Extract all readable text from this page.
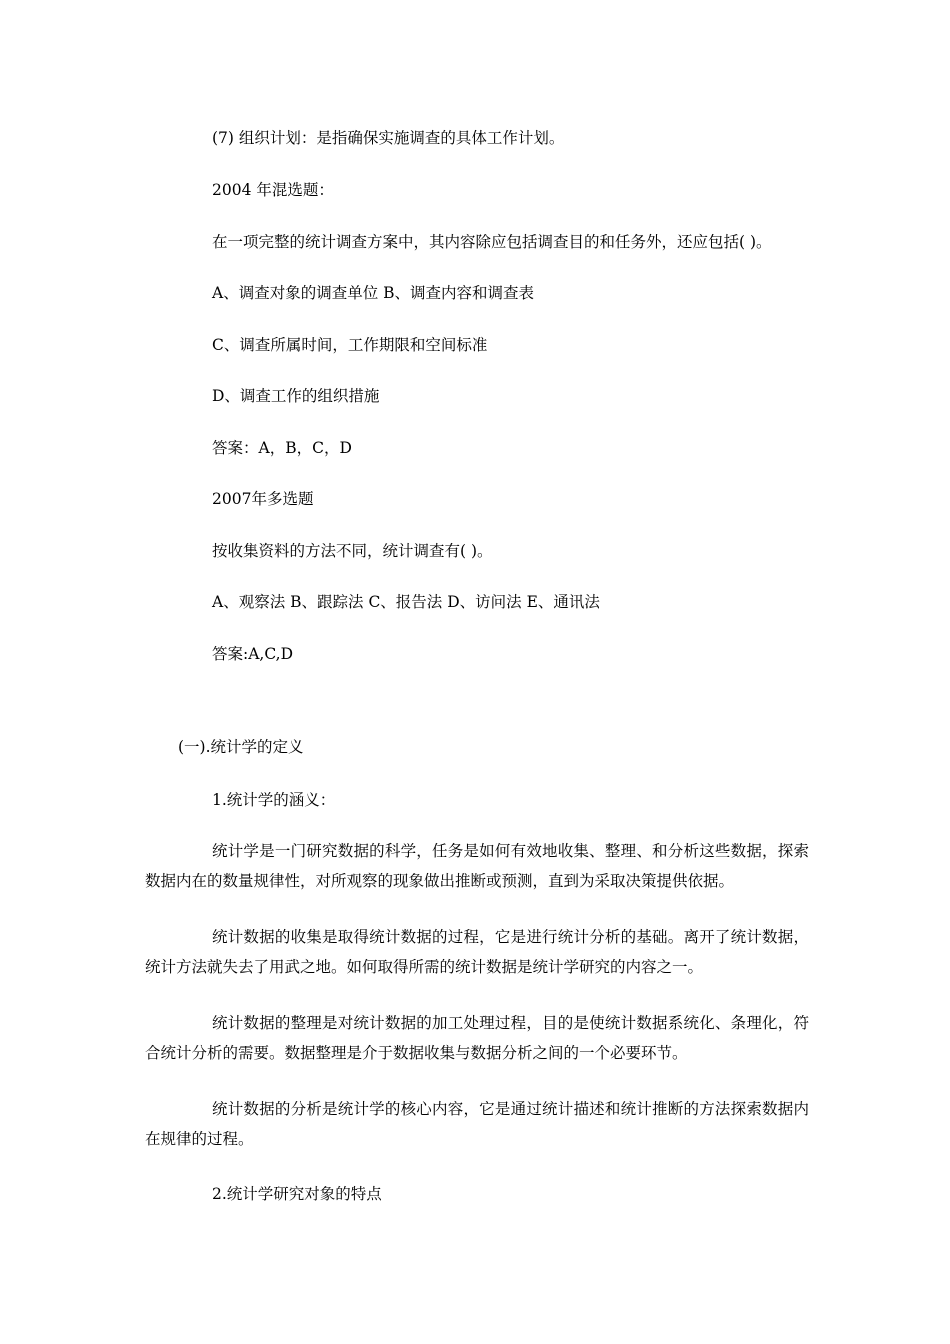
(7) 组织计划：是指确保实施调查的具体工作计划。
2004 年混选题：
在一项完整的统计调查方案中，其内容除应包括调查目的和任务外，还应包括( )。
A、调查对象的调查单位 B、调查内容和调查表
C、调查所属时间，工作期限和空间标准
D、调查工作的组织措施
答案：A，B，C，D
2007年多选题
按收集资料的方法不同，统计调查有( )。
A、观察法 B、跟踪法 C、报告法 D、访问法 E、通讯法
答案:A,C,D
(一).统计学的定义
1.统计学的涵义：
统计学是一门研究数据的科学，任务是如何有效地收集、整理、和分析这些数据，探索数据内在的数量规律性，对所观察的现象做出推断或预测，直到为采取决策提供依据。
统计数据的收集是取得统计数据的过程，它是进行统计分析的基础。离开了统计数据，统计方法就失去了用武之地。如何取得所需的统计数据是统计学研究的内容之一。
统计数据的整理是对统计数据的加工处理过程，目的是使统计数据系统化、条理化，符合统计分析的需要。数据整理是介于数据收集与数据分析之间的一个必要环节。
统计数据的分析是统计学的核心内容，它是通过统计描述和统计推断的方法探索数据内在规律的过程。
2.统计学研究对象的特点
